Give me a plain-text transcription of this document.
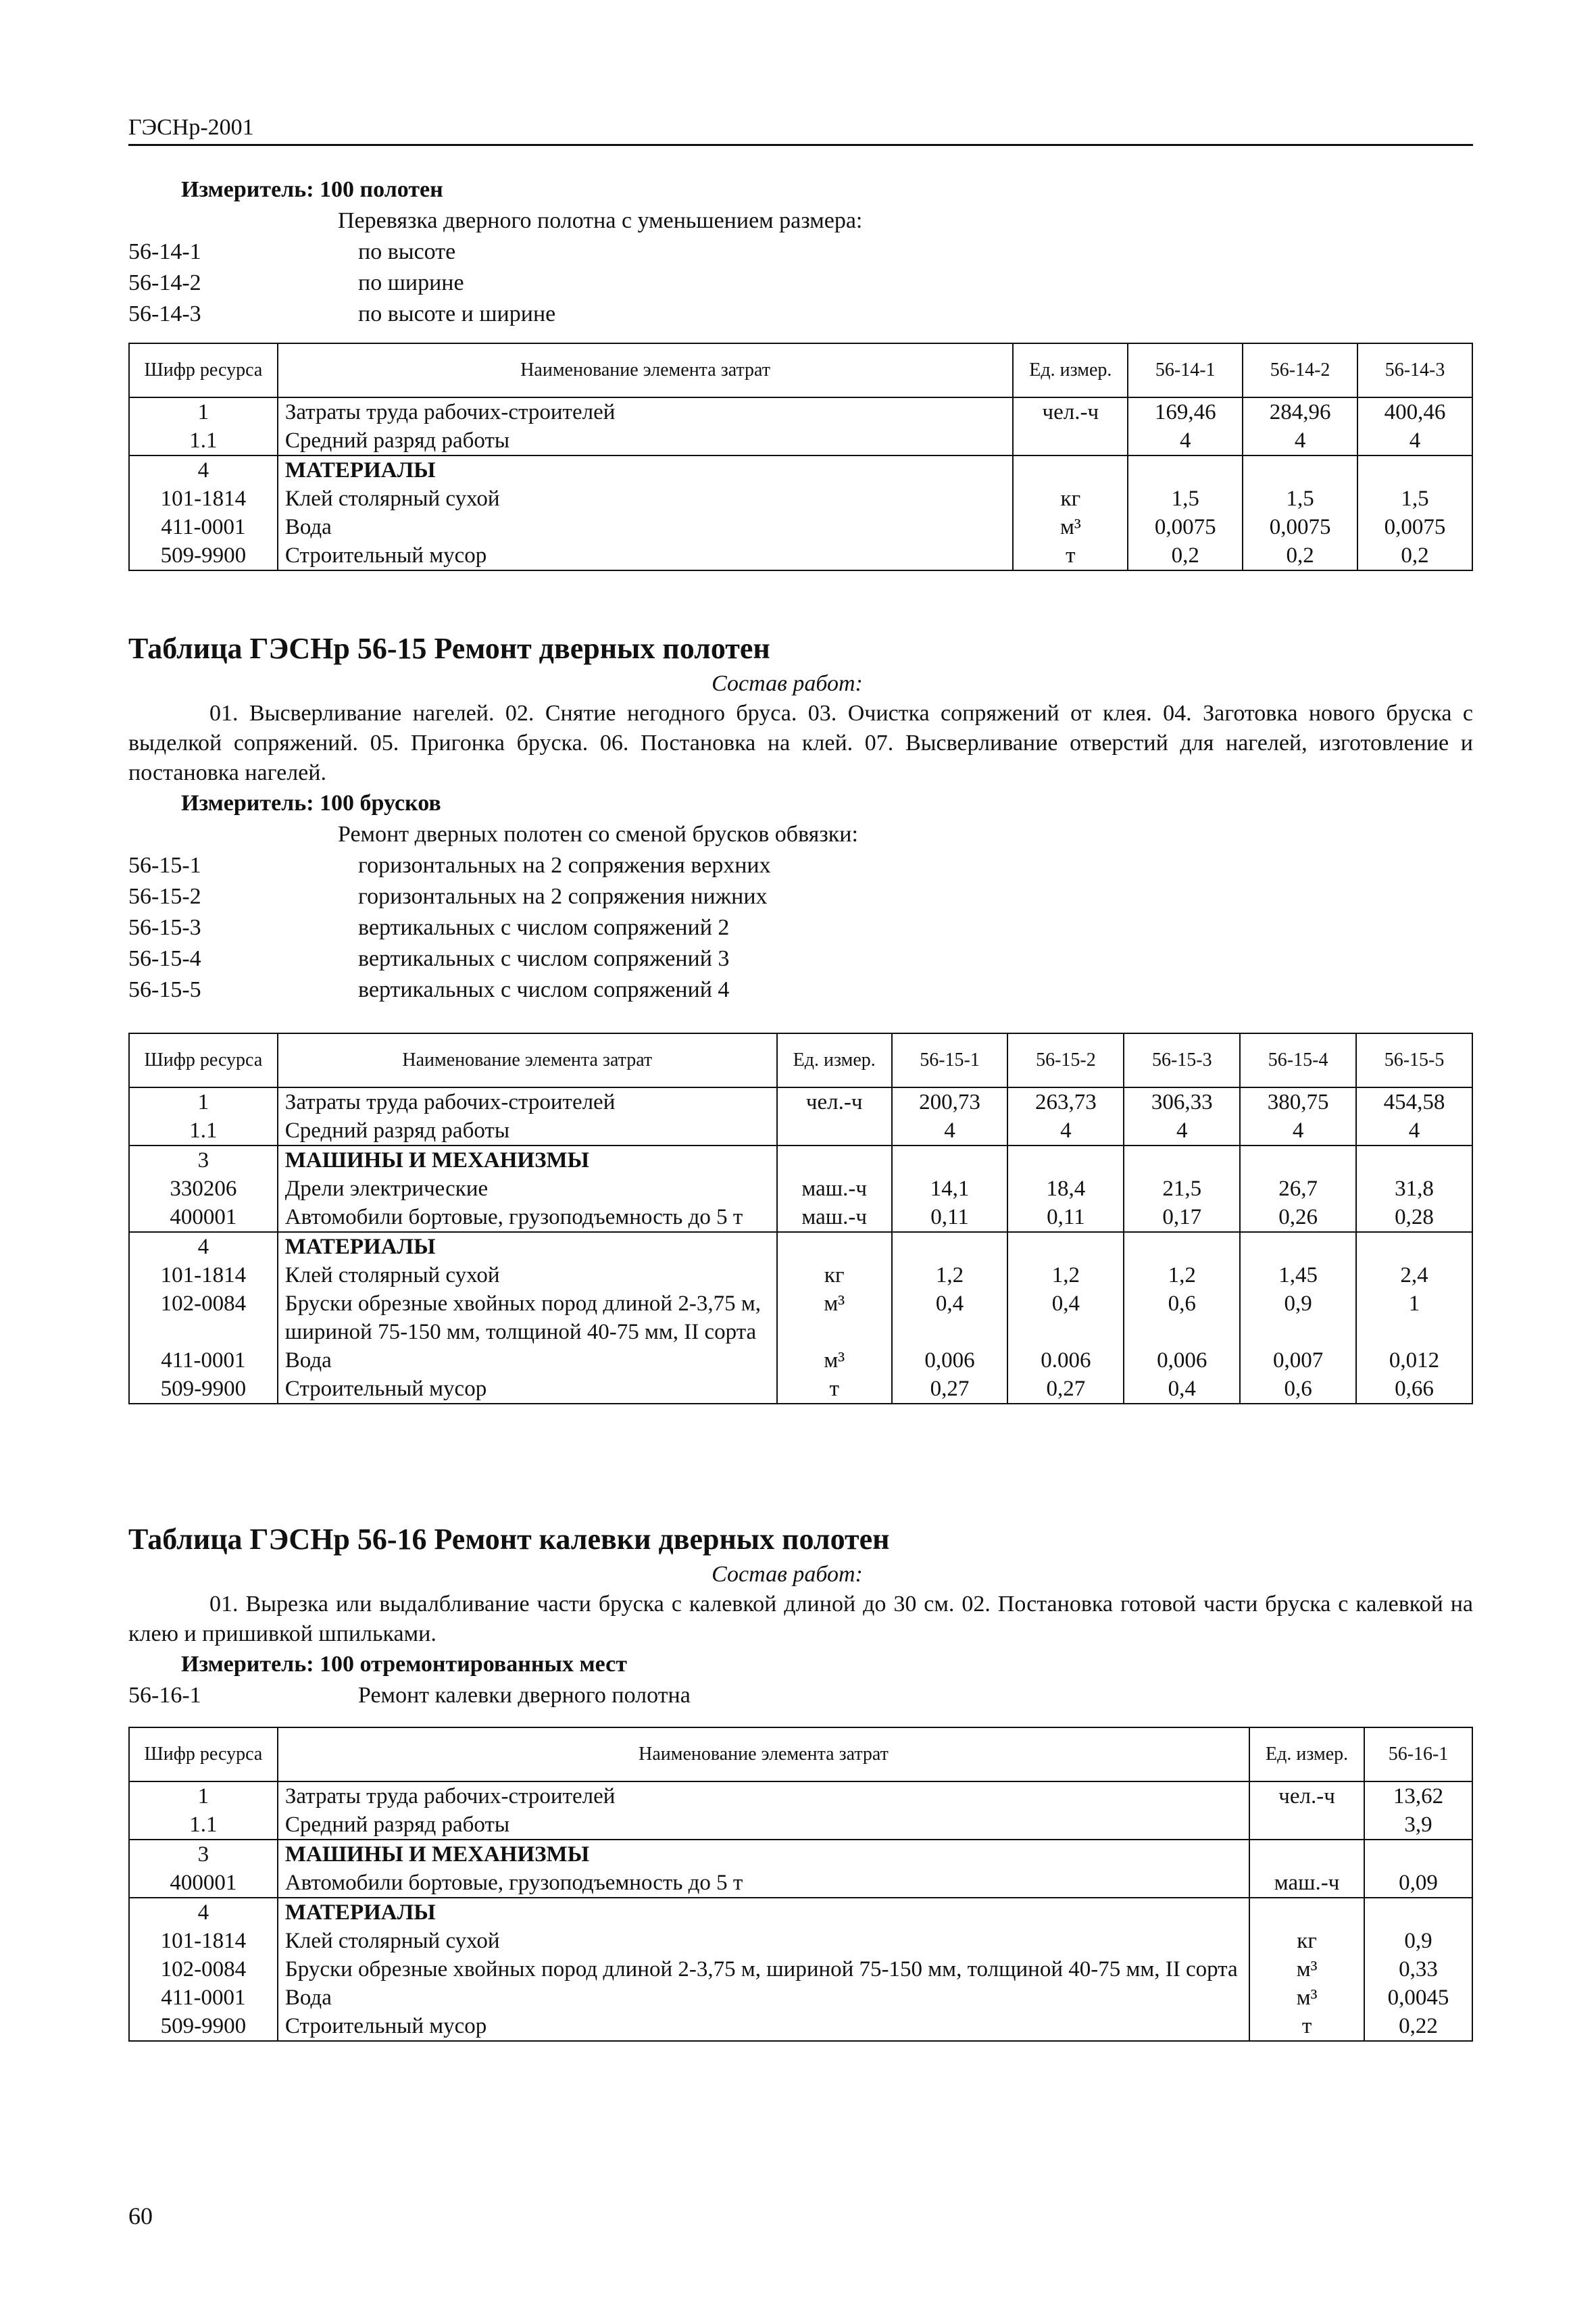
ГЭСНр-2001
Измеритель: 100 полотен
Перевязка дверного полотна с уменьшением размера:
56-14-1	по высоте
56-14-2	по ширине
56-14-3	по высоте и ширине
Шифр ресурса	Наименование элемента затрат	Ед. измер.	56-14-1	56-14-2	56-14-3
1	Затраты труда рабочих-строителей	чел.-ч	169,46	284,96	400,46
1.1	Средний разряд работы		4	4	4
4	МАТЕРИАЛЫ				
101-1814	Клей столярный сухой	кг	1,5	1,5	1,5
411-0001	Вода	м³	0,0075	0,0075	0,0075
509-9900	Строительный мусор	т	0,2	0,2	0,2
Таблица ГЭСНр 56-15 Ремонт дверных полотен
Состав работ:
01. Высверливание нагелей. 02. Снятие негодного бруса. 03. Очистка сопряжений от клея. 04. Заготовка нового бруска с выделкой сопряжений. 05. Пригонка бруска. 06. Постановка на клей. 07. Высверливание отверстий для нагелей, изготовление и постановка нагелей.
Измеритель: 100 брусков
Ремонт дверных полотен со сменой брусков обвязки:
56-15-1	горизонтальных на 2 сопряжения верхних
56-15-2	горизонтальных на 2 сопряжения нижних
56-15-3	вертикальных с числом сопряжений 2
56-15-4	вертикальных с числом сопряжений 3
56-15-5	вертикальных с числом сопряжений 4
Шифр ресурса	Наименование элемента затрат	Ед. измер.	56-15-1	56-15-2	56-15-3	56-15-4	56-15-5
1	Затраты труда рабочих-строителей	чел.-ч	200,73	263,73	306,33	380,75	454,58
1.1	Средний разряд работы		4	4	4	4	4
3	МАШИНЫ И МЕХАНИЗМЫ						
330206	Дрели электрические	маш.-ч	14,1	18,4	21,5	26,7	31,8
400001	Автомобили бортовые, грузоподъемность до 5 т	маш.-ч	0,11	0,11	0,17	0,26	0,28
4	МАТЕРИАЛЫ						
101-1814	Клей столярный сухой	кг	1,2	1,2	1,2	1,45	2,4
102-0084	Бруски обрезные хвойных пород длиной 2-3,75 м, шириной 75-150 мм, толщиной 40-75 мм, II сорта	м³	0,4	0,4	0,6	0,9	1
411-0001	Вода	м³	0,006	0.006	0,006	0,007	0,012
509-9900	Строительный мусор	т	0,27	0,27	0,4	0,6	0,66
Таблица ГЭСНр 56-16 Ремонт калевки дверных полотен
Состав работ:
01. Вырезка или выдалбливание части бруска с калевкой длиной до 30 см. 02. Постановка готовой части бруска с калевкой на клею и пришивкой шпильками.
Измеритель: 100 отремонтированных мест
56-16-1	Ремонт калевки дверного полотна
Шифр ресурса	Наименование элемента затрат	Ед. измер.	56-16-1
1	Затраты труда рабочих-строителей	чел.-ч	13,62
1.1	Средний разряд работы		3,9
3	МАШИНЫ И МЕХАНИЗМЫ		
400001	Автомобили бортовые, грузоподъемность до 5 т	маш.-ч	0,09
4	МАТЕРИАЛЫ		
101-1814	Клей столярный сухой	кг	0,9
102-0084	Бруски обрезные хвойных пород длиной 2-3,75 м, шириной 75-150 мм, толщиной 40-75 мм, II сорта	м³	0,33
411-0001	Вода	м³	0,0045
509-9900	Строительный мусор	т	0,22
60
